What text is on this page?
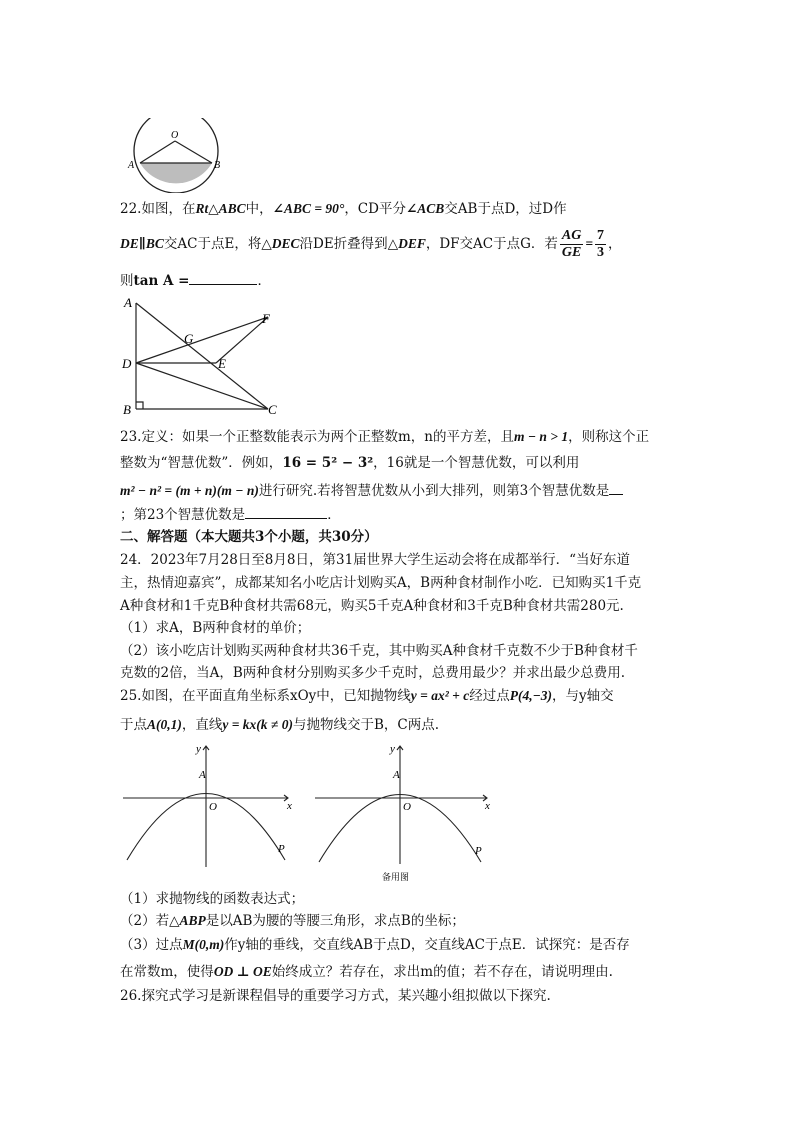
O
A	B
22.如图，在Rt△ABC中，∠ABC = 90°，CD平分∠ACB交AB于点D，过D作
DE∥BC交AC于点E，将△DEC沿DE折叠得到△DEF，DF交AC于点G．若 $\frac{AG}{GE} = \frac{7}{3}$ ，
则tan A =	．
A
D
B	C
G
E
F
23.定义：如果一个正整数能表示为两个正整数m，n的平方差，且m − n > 1，则称这个正
整数为“智慧优数”．例如，16 = 5² − 3²，16就是一个智慧优数，可以利用
m² − n² = (m + n)(m − n)进行研究.若将智慧优数从小到大排列，则第3个智慧优数是
；第23个智慧优数是	．
二、解答题（本大题共3个小题，共30分）
24．2023年7月28日至8月8日，第31届世界大学生运动会将在成都举行．“当好东道
主，热情迎嘉宾”，成都某知名小吃店计划购买A，B两种食材制作小吃．已知购买1千克
A种食材和1千克B种食材共需68元，购买5千克A种食材和3千克B种食材共需280元.
（1）求A，B两种食材的单价；
（2）该小吃店计划购买两种食材共36千克，其中购买A种食材千克数不少于B种食材千
克数的2倍，当A，B两种食材分别购买多少千克时，总费用最少？并求出最少总费用.
25.如图，在平面直角坐标系xOy中，已知抛物线y = ax² + c经过点P(4,−3)，与y轴交
于点A(0,1)，直线y = kx(k ≠ 0)与抛物线交于B，C两点.
y
x
A
O
P
y
x
A
O
P
备用图
（1）求抛物线的函数表达式；
（2）若△ABP是以AB为腰的等腰三角形，求点B的坐标；
（3）过点M(0,m)作y轴的垂线，交直线AB于点D，交直线AC于点E．试探究：是否存
在常数m，使得OD ⊥ OE始终成立？若存在，求出m的值；若不存在，请说明理由.
26.探究式学习是新课程倡导的重要学习方式，某兴趣小组拟做以下探究.
